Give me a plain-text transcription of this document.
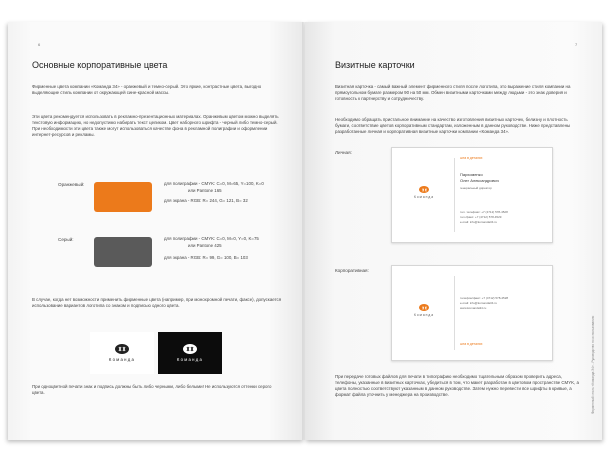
6
Основные корпоративные цвета
Фирменные цвета компании «Команда 34» - оранжевый и темно-серый. Это яркие, контрастные цвета, выгодно выделяющие стиль компании от окружающей сине-красной массы.
Эти цвета рекомендуется использовать в рекламно-презентационных материалах. Оранжевым цветом можно выделять текстовую информацию, но недопустимо набирать текст целиком. Цвет наборного шрифта - черный либо темно-серый. При необходимости эти цвета также могут использоваться качестве фона в рекламной полиграфии и оформлении интернет-ресурсов и рекламы.
Оранжевый:	для полиграфии - CMYK: C=0, M=65, Y=100, K=0
или Pantone 165
для экрана - RGB: R= 244, G= 121, B= 32
Серый:	для полиграфии - CMYK: C=0, M=0, Y=0, K=75
или Pantone 425
для экрана - RGB: R= 99, G= 100, B= 103
В случае, когда нет возможности применить фирменные цвета (например, при монохромной печати, факсе), допускается использование вариантов логотипа со знаком и подписью одного цвета.
Команда	Команда
При одноцветной печати знак и подпись должны быть либо черными, либо белыми! Не используются оттенки серого цвета.
7
Визитные карточки
Визитная карточка - самый важный элемент фирменного стиля после логотипа, это выражение стиля компании на прямоугольном бумаге размером 90 на 50 мм. Обмен визитными карточками между людьми - это знак доверия и готовность к партнерству и сотрудничеству.
Необходимо обращать пристальное внимание на качество изготовления визитных карточек, белизну и плотность бумаги, соответствие цветов корпоративным стандартам, изложенным в данном руководстве. Ниже представлены разработанные личная и корпоративная визитные карточки компании «Команда 34».
Личная:
Команда
шта в деталях
Пархоменко
Олег Александрович
генеральный директор
тел. телефакс: +7 (4712) 578-4528
тел./факс: +7 (4712) 578-4529
e-mail: info@komanda34.ru
Корпоративная:
Команда
телефон/факс: +7 (4712) 578-4528
e-mail: info@komanda34.ru
www.komanda34.ru
шта в деталях
При передаче готовых файлов для печати в типографию необходимо тщательным образом проверить адреса, телефоны, указанные в визитных карточках, убедиться в том, что макет разработан в цветовом пространстве CMYK, а цвета полностью соответствуют указанным в данном руководстве. Затем нужно перевести все шрифты в кривые, а формат файла уточнить у менеджера на производстве.	Фирменный стиль «Команда 34» - Руководство по использованию
